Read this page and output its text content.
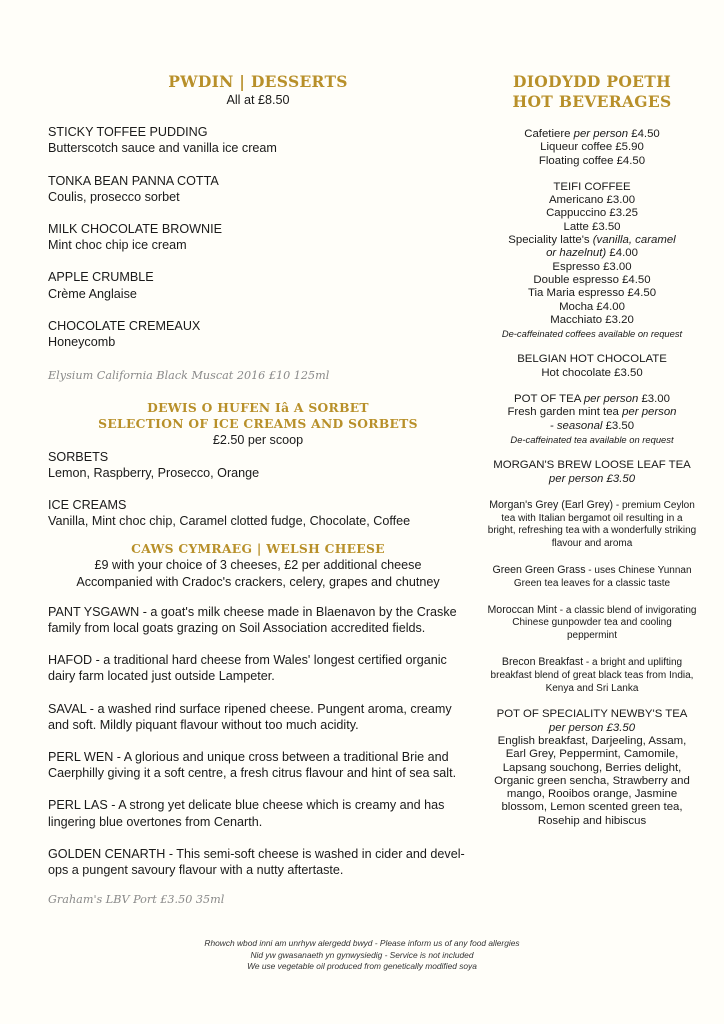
PWDIN | DESSERTS
All at £8.50
STICKY TOFFEE PUDDING
Butterscotch sauce and vanilla ice cream
TONKA BEAN PANNA COTTA
Coulis, prosecco sorbet
MILK CHOCOLATE BROWNIE
Mint choc chip ice cream
APPLE CRUMBLE
Crème Anglaise
CHOCOLATE CREMEAUX
Honeycomb
Elysium California Black Muscat 2016 £10 125ml
DEWIS O HUFEN Iâ A SORBET
SELECTION OF ICE CREAMS AND SORBETS
£2.50 per scoop
SORBETS
Lemon, Raspberry, Prosecco, Orange
ICE CREAMS
Vanilla, Mint choc chip, Caramel clotted fudge, Chocolate, Coffee
CAWS CYMRAEG | WELSH CHEESE
£9 with your choice of 3 cheeses, £2 per additional cheese
Accompanied with Cradoc's crackers, celery, grapes and chutney
PANT YSGAWN - a goat's milk cheese made in Blaenavon by the Craske
family from local goats grazing on Soil Association accredited fields.
HAFOD - a traditional hard cheese from Wales' longest certified organic
dairy farm located just outside Lampeter.
SAVAL - a washed rind surface ripened cheese. Pungent aroma, creamy
and soft. Mildly piquant flavour without too much acidity.
PERL WEN - A glorious and unique cross between a traditional Brie and
Caerphilly giving it a soft centre, a fresh citrus flavour and hint of sea salt.
PERL LAS - A strong yet delicate blue cheese which is creamy and has
lingering blue overtones from Cenarth.
GOLDEN CENARTH - This semi-soft cheese is washed in cider and devel-
ops a pungent savoury flavour with a nutty aftertaste.
Graham's LBV Port £3.50 35ml
DIODYDD POETH
HOT BEVERAGES
Cafetiere per person £4.50
Liqueur coffee £5.90
Floating coffee £4.50
TEIFI COFFEE
Americano £3.00
Cappuccino £3.25
Latte £3.50
Speciality latte's (vanilla, caramel
or hazelnut) £4.00
Espresso £3.00
Double espresso £4.50
Tia Maria espresso £4.50
Mocha £4.00
Macchiato £3.20
De-caffeinated coffees available on request
BELGIAN HOT CHOCOLATE
Hot chocolate £3.50
POT OF TEA per person £3.00
Fresh garden mint tea per person
- seasonal £3.50
De-caffeinated tea available on request
MORGAN'S BREW LOOSE LEAF TEA
per person £3.50
Morgan's Grey (Earl Grey) - premium Ceylon tea with Italian bergamot oil resulting in a bright, refreshing tea with a wonderfully striking flavour and aroma
Green Green Grass - uses Chinese Yunnan Green tea leaves for a classic taste
Moroccan Mint - a classic blend of invigorating Chinese gunpowder tea and cooling peppermint
Brecon Breakfast - a bright and uplifting breakfast blend of great black teas from India, Kenya and Sri Lanka
POT OF SPECIALITY NEWBY'S TEA
per person £3.50
English breakfast, Darjeeling, Assam, Earl Grey, Peppermint, Camomile, Lapsang souchong, Berries delight, Organic green sencha, Strawberry and mango, Rooibos orange, Jasmine blossom, Lemon scented green tea, Rosehip and hibiscus
Rhowch wbod inni am unrhyw alergedd bwyd - Please inform us of any food allergies
Nid yw gwasanaeth yn gynwysiedig - Service is not included
We use vegetable oil produced from genetically modified soya
